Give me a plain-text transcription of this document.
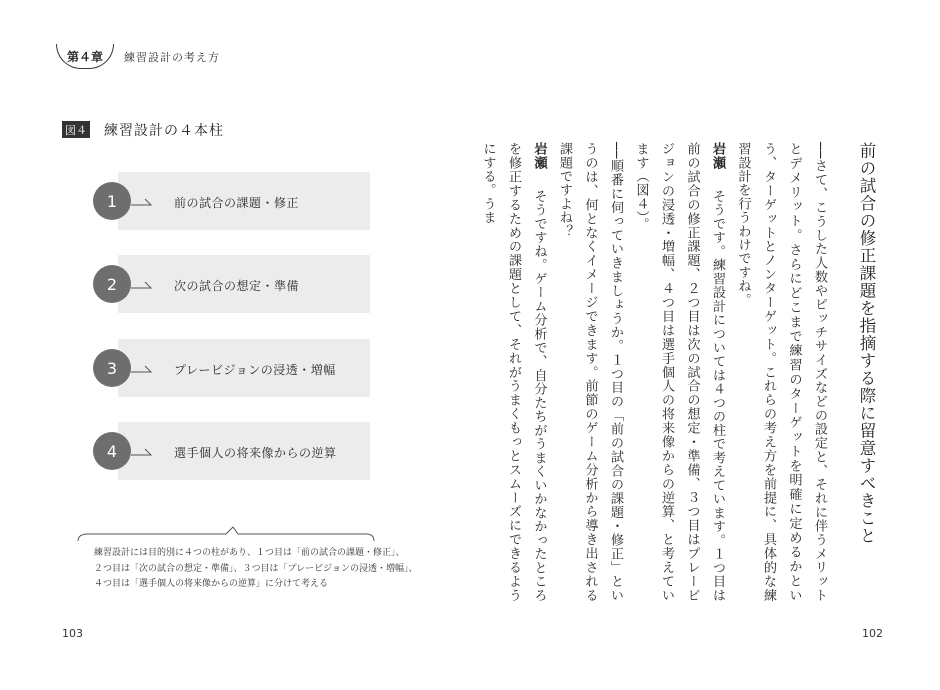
第４章 練習設計の考え方
図４ 練習設計の４本柱
1	前の試合の課題・修正
2	次の試合の想定・準備
3	プレービジョンの浸透・増幅
4	選手個人の将来像からの逆算

練習設計には目的別に４つの柱があり、１つ目は「前の試合の課題・修正」、

２つ目は「次の試合の想定・準備」、３つ目は「プレービジョンの浸透・増幅」、

４つ目は「選手個人の将来像からの逆算」に分けて考える

103	102
前の試合の修正課題を指摘する際に留意すべきこと

──さて、こうした人数やピッチサイズなどの設定と、それに伴うメリットとデメリット。さらにどこまで練習のターゲットを明確に定めるかという、ターゲットとノンターゲット。これらの考え方を前提に、具体的な練習設計を行うわけですね。

岩瀬　そうです。練習設計については４つの柱で考えています。１つ目は前の試合の修正課題、２つ目は次の試合の想定・準備、３つ目はプレービジョンの浸透・増幅、４つ目は選手個人の将来像からの逆算、と考えています（図４）。

──順番に伺っていきましょうか。１つ目の「前の試合の課題・修正」というのは、何となくイメージできます。前節のゲーム分析から導き出される課題ですよね？

岩瀬　そうですね。ゲーム分析で、自分たちがうまくいかなかったところを修正するための課題として、それがうまくもっとスムーズにできるようにする。うま
